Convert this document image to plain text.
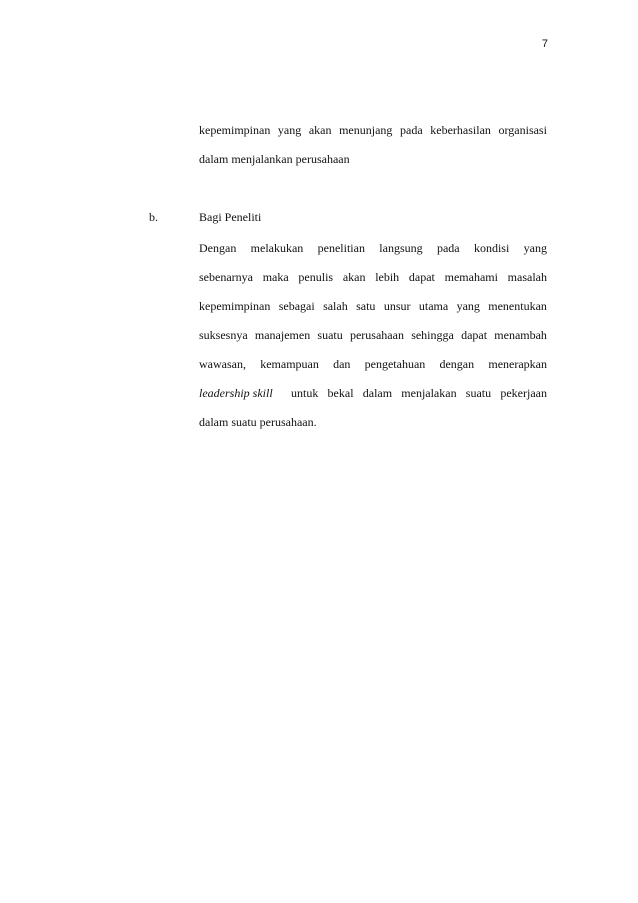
7
kepemimpinan yang akan menunjang pada keberhasilan organisasi
dalam menjalankan perusahaan
b.	Bagi Peneliti
Dengan melakukan penelitian langsung pada kondisi yang
sebenarnya maka penulis akan lebih dapat memahami masalah
kepemimpinan sebagai salah satu unsur utama yang menentukan
suksesnya manajemen suatu perusahaan sehingga dapat menambah
wawasan, kemampuan dan pengetahuan dengan menerapkan
leadership skill untuk bekal dalam menjalakan suatu pekerjaan
dalam suatu perusahaan.
